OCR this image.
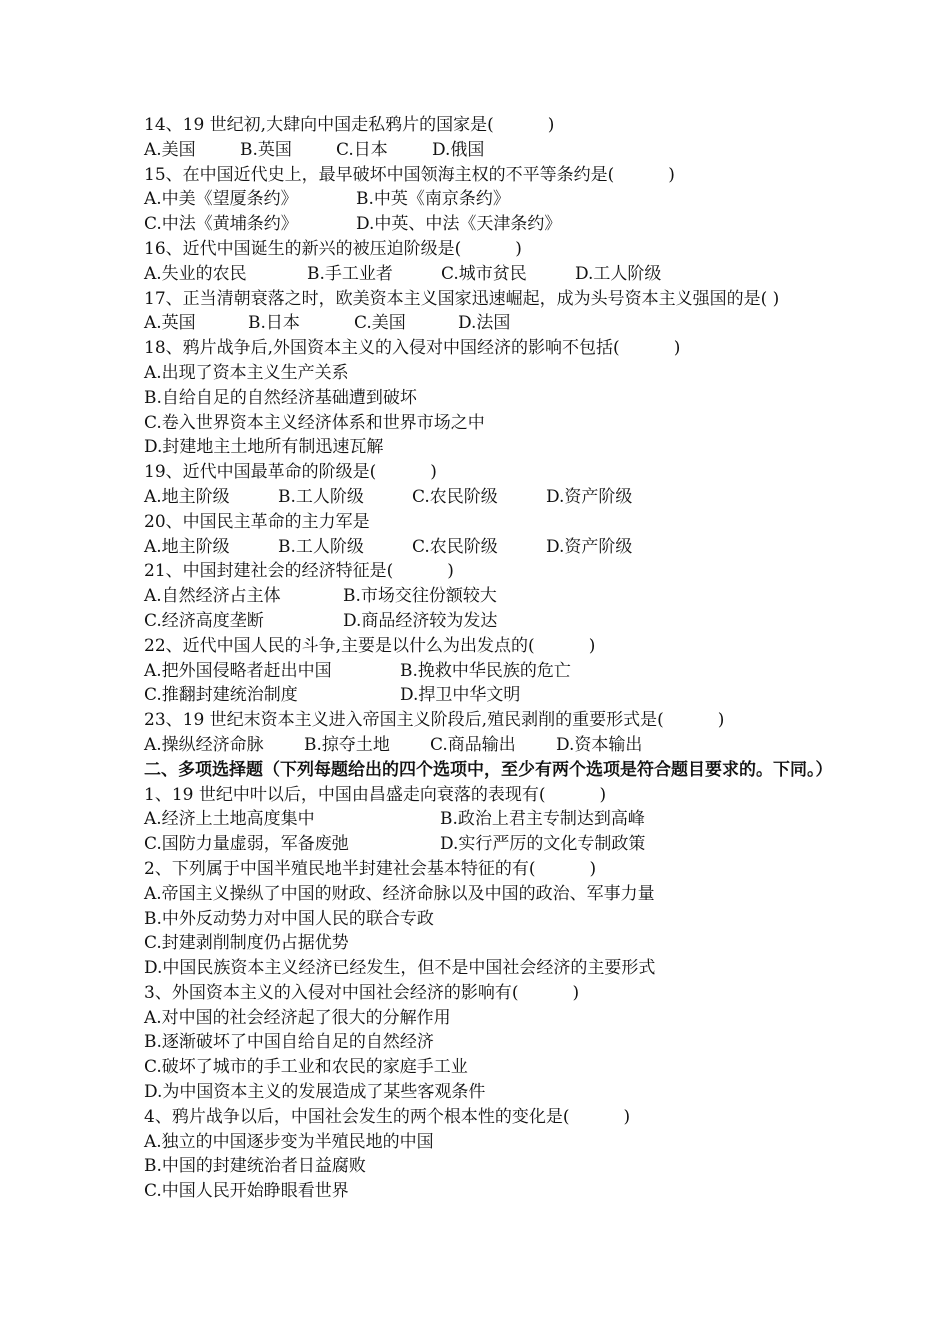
14、19 世纪初,大肆向中国走私鸦片的国家是(          )
A.美国	B.英国	C.日本	D.俄国
15、在中国近代史上，最早破坏中国领海主权的不平等条约是(          )
A.中美《望厦条约》	B.中英《南京条约》
C.中法《黄埔条约》	D.中英、中法《天津条约》
16、近代中国诞生的新兴的被压迫阶级是(          )
A.失业的农民	B.手工业者	C.城市贫民	D.工人阶级
17、正当清朝衰落之时，欧美资本主义国家迅速崛起，成为头号资本主义强国的是( )
A.英国	B.日本	C.美国	D.法国
18、鸦片战争后,外国资本主义的入侵对中国经济的影响不包括(          )
A.出现了资本主义生产关系
B.自给自足的自然经济基础遭到破坏
C.卷入世界资本主义经济体系和世界市场之中
D.封建地主土地所有制迅速瓦解
19、近代中国最革命的阶级是(          )
A.地主阶级	B.工人阶级	C.农民阶级	D.资产阶级
20、中国民主革命的主力军是
A.地主阶级	B.工人阶级	C.农民阶级	D.资产阶级
21、中国封建社会的经济特征是(          )
A.自然经济占主体	B.市场交往份额较大
C.经济高度垄断	D.商品经济较为发达
22、近代中国人民的斗争,主要是以什么为出发点的(          )
A.把外国侵略者赶出中国	B.挽救中华民族的危亡
C.推翻封建统治制度	D.捍卫中华文明
23、19 世纪末资本主义进入帝国主义阶段后,殖民剥削的重要形式是(          )
A.操纵经济命脉 B.掠夺土地 C.商品输出 D.资本输出
二、多项选择题（下列每题给出的四个选项中，至少有两个选项是符合题目要求的。下同。）
1、19 世纪中叶以后，中国由昌盛走向衰落的表现有(          )
A.经济上土地高度集中	B.政治上君主专制达到高峰
C.国防力量虚弱，军备废弛	D.实行严厉的文化专制政策
2、下列属于中国半殖民地半封建社会基本特征的有(          )
A.帝国主义操纵了中国的财政、经济命脉以及中国的政治、军事力量
B.中外反动势力对中国人民的联合专政
C.封建剥削制度仍占据优势
D.中国民族资本主义经济已经发生，但不是中国社会经济的主要形式
3、外国资本主义的入侵对中国社会经济的影响有(          )
A.对中国的社会经济起了很大的分解作用
B.逐渐破坏了中国自给自足的自然经济
C.破坏了城市的手工业和农民的家庭手工业
D.为中国资本主义的发展造成了某些客观条件
4、鸦片战争以后，中国社会发生的两个根本性的变化是(          )
A.独立的中国逐步变为半殖民地的中国
B.中国的封建统治者日益腐败
C.中国人民开始睁眼看世界
